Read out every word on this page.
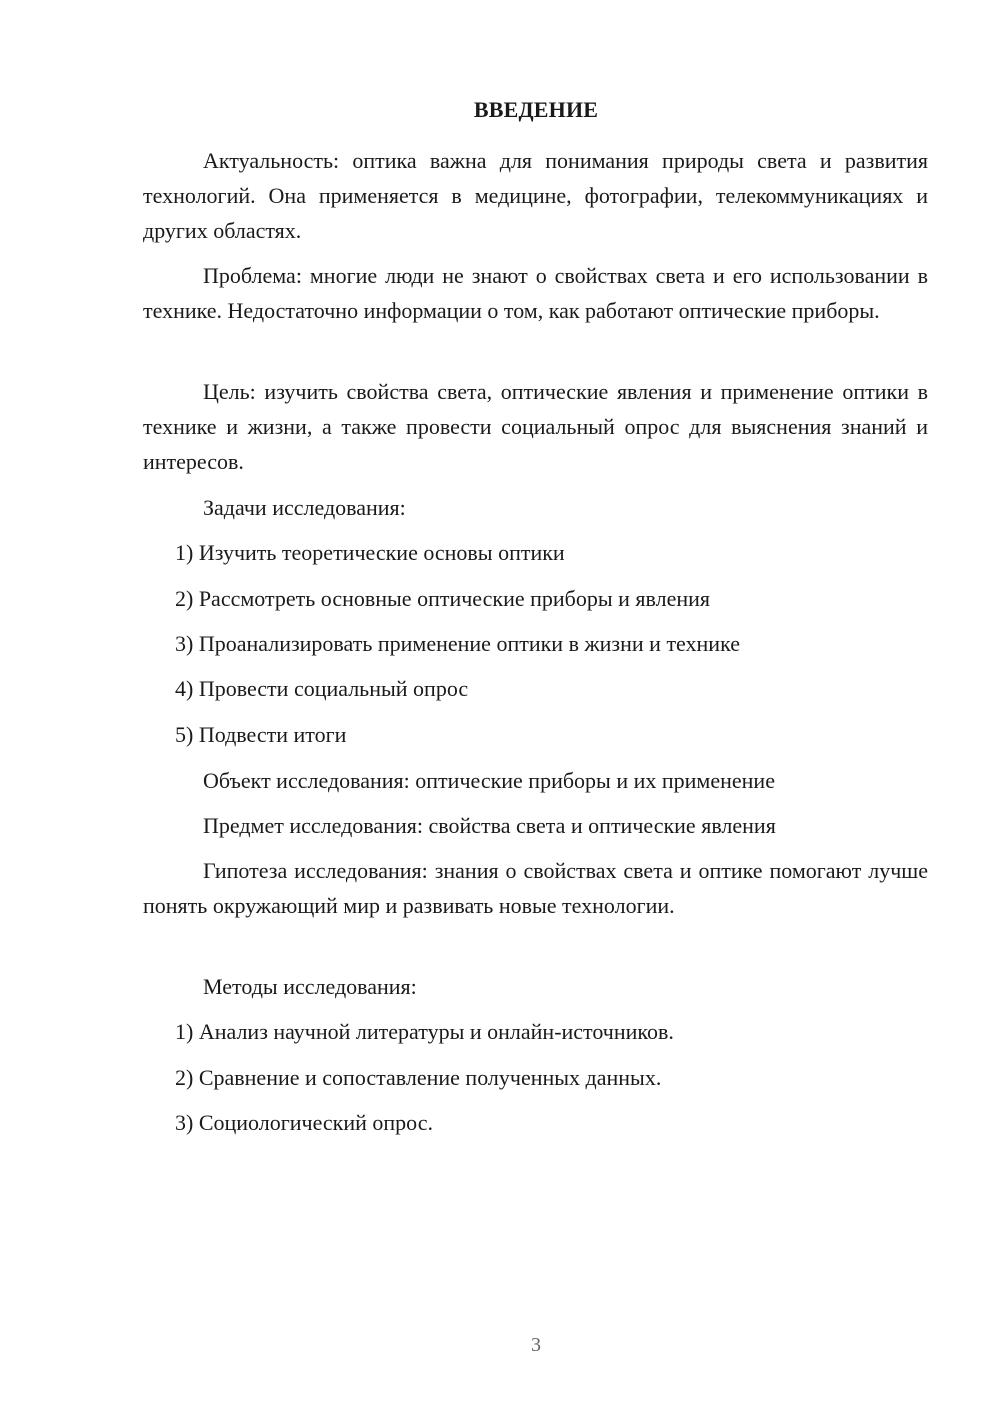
ВВЕДЕНИЕ

Актуальность: оптика важна для понимания природы света и развития технологий. Она применяется в медицине, фотографии, телекоммуникациях и других областях.

Проблема: многие люди не знают о свойствах света и его использовании в технике. Недостаточно информации о том, как работают оптические приборы.

Цель: изучить свойства света, оптические явления и применение оптики в технике и жизни, а также провести социальный опрос для выяснения знаний и интересов.

Задачи исследования:

1) Изучить теоретические основы оптики

2) Рассмотреть основные оптические приборы и явления

3) Проанализировать применение оптики в жизни и технике

4) Провести социальный опрос

5) Подвести итоги

Объект исследования: оптические приборы и их применение

Предмет исследования: свойства света и оптические явления

Гипотеза исследования: знания о свойствах света и оптике помогают лучше понять окружающий мир и развивать новые технологии.

Методы исследования:

1) Анализ научной литературы и онлайн-источников.

2) Сравнение и сопоставление полученных данных.

3) Социологический опрос.

3
